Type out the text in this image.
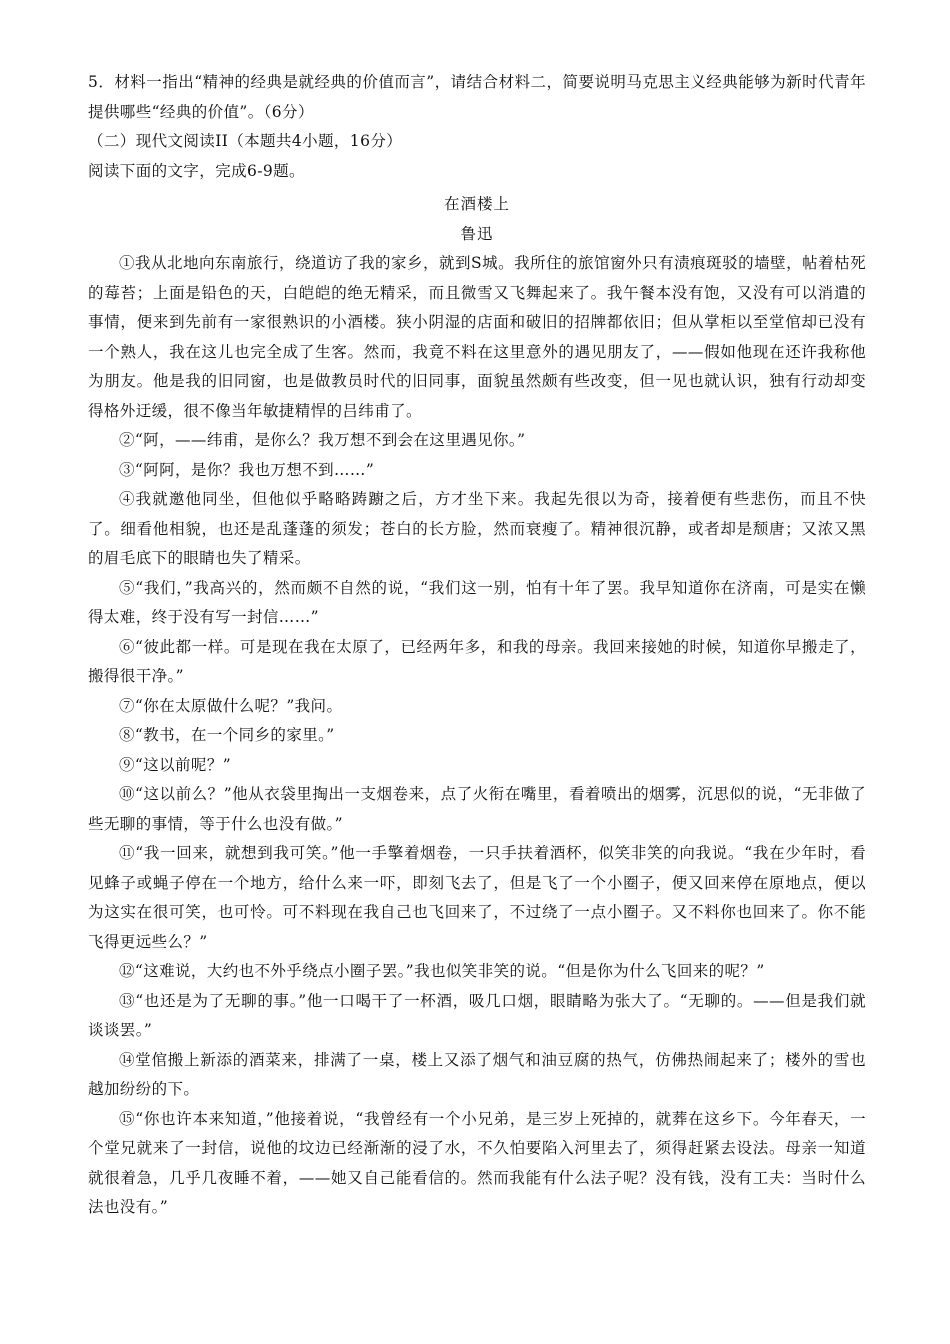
5．材料一指出“精神的经典是就经典的价值而言”，请结合材料二，简要说明马克思主义经典能够为新时代青年提供哪些“经典的价值”。（6分）

（二）现代文阅读II（本题共4小题，16分）

阅读下面的文字，完成6-9题。

在酒楼上

鲁迅

①我从北地向东南旅行，绕道访了我的家乡，就到S城。我所住的旅馆窗外只有渍痕斑驳的墙壁，帖着枯死的莓苔；上面是铅色的天，白皑皑的绝无精采，而且微雪又飞舞起来了。我午餐本没有饱，又没有可以消遣的事情，便来到先前有一家很熟识的小酒楼。狭小阴湿的店面和破旧的招牌都依旧；但从掌柜以至堂倌却已没有一个熟人，我在这儿也完全成了生客。然而，我竟不料在这里意外的遇见朋友了，——假如他现在还许我称他为朋友。他是我的旧同窗，也是做教员时代的旧同事，面貌虽然颇有些改变，但一见也就认识，独有行动却变得格外迂缓，很不像当年敏捷精悍的吕纬甫了。

②“阿，——纬甫，是你么？我万想不到会在这里遇见你。”

③“阿阿，是你？我也万想不到……”

④我就邀他同坐，但他似乎略略踌躕之后，方才坐下来。我起先很以为奇，接着便有些悲伤，而且不快了。细看他相貌，也还是乱蓬蓬的须发；苍白的长方脸，然而衰瘦了。精神很沉静，或者却是颓唐；又浓又黑的眉毛底下的眼睛也失了精采。

⑤“我们，”我高兴的，然而颇不自然的说，“我们这一别，怕有十年了罢。我早知道你在济南，可是实在懒得太难，终于没有写一封信……”

⑥“彼此都一样。可是现在我在太原了，已经两年多，和我的母亲。我回来接她的时候，知道你早搬走了，搬得很干净。”

⑦“你在太原做什么呢？”我问。

⑧“教书，在一个同乡的家里。”

⑨“这以前呢？”

⑩“这以前么？”他从衣袋里掏出一支烟卷来，点了火衔在嘴里，看着喷出的烟雾，沉思似的说，“无非做了些无聊的事情，等于什么也没有做。”

⑪“我一回来，就想到我可笑。”他一手擎着烟卷，一只手扶着酒杯，似笑非笑的向我说。“我在少年时，看见蜂子或蝇子停在一个地方，给什么来一吓，即刻飞去了，但是飞了一个小圈子，便又回来停在原地点，便以为这实在很可笑，也可怜。可不料现在我自己也飞回来了，不过绕了一点小圈子。又不料你也回来了。你不能飞得更远些么？”

⑫“这难说，大约也不外乎绕点小圈子罢。”我也似笑非笑的说。“但是你为什么飞回来的呢？”

⑬“也还是为了无聊的事。”他一口喝干了一杯酒，吸几口烟，眼睛略为张大了。“无聊的。——但是我们就谈谈罢。”

⑭堂倌搬上新添的酒菜来，排满了一桌，楼上又添了烟气和油豆腐的热气，仿佛热闹起来了；楼外的雪也越加纷纷的下。

⑮“你也许本来知道，”他接着说，“我曾经有一个小兄弟，是三岁上死掉的，就葬在这乡下。今年春天，一个堂兄就来了一封信，说他的坟边已经渐渐的浸了水，不久怕要陷入河里去了，须得赶紧去设法。母亲一知道就很着急，几乎几夜睡不着，——她又自己能看信的。然而我能有什么法子呢？没有钱，没有工夫：当时什么法也没有。”
